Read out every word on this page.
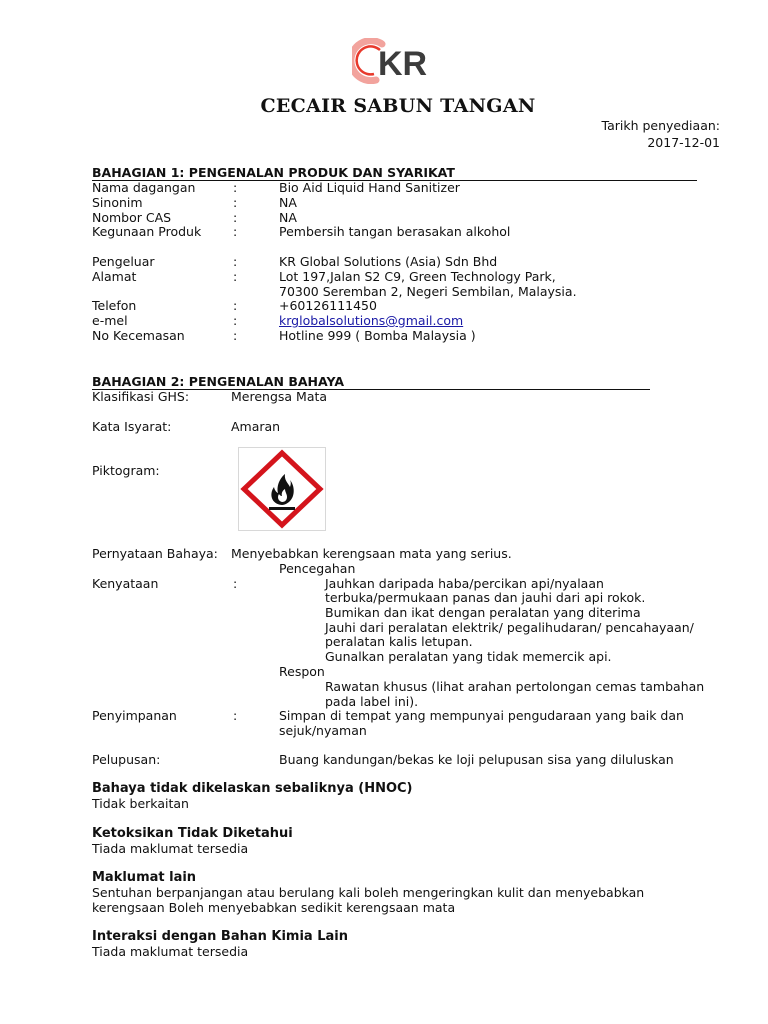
KR
CECAIR SABUN TANGAN
Tarikh penyediaan:
2017-12-01
BAHAGIAN 1: PENGENALAN PRODUK DAN SYARIKAT
Nama dagangan	:	Bio Aid Liquid Hand Sanitizer
Sinonim	:	NA
Nombor CAS	:	NA
Kegunaan Produk	:	Pembersih tangan berasakan alkohol
Pengeluar	:	KR Global Solutions (Asia) Sdn Bhd
Alamat	:	Lot 197,Jalan S2 C9, Green Technology Park,
70300 Seremban 2, Negeri Sembilan, Malaysia.
Telefon	:	+60126111450
e-mel	:	krglobalsolutions@gmail.com
No Kecemasan	:	Hotline 999 ( Bomba Malaysia )
BAHAGIAN 2: PENGENALAN BAHAYA
Klasifikasi GHS:	Merengsa Mata
Kata Isyarat:	Amaran
Piktogram:
Pernyataan Bahaya: Menyebabkan kerengsaan mata yang serius.
Pencegahan
Kenyataan	:	Jauhkan daripada haba/percikan api/nyalaan
terbuka/permukaan panas dan jauhi dari api rokok.
Bumikan dan ikat dengan peralatan yang diterima
Jauhi dari peralatan elektrik/ pegalihudaran/ pencahayaan/
peralatan kalis letupan.
Gunalkan peralatan yang tidak memercik api.
Respon
Rawatan khusus (lihat arahan pertolongan cemas tambahan
pada label ini).
Penyimpanan	:	Simpan di tempat yang mempunyai pengudaraan yang baik dan
sejuk/nyaman
Pelupusan:	Buang kandungan/bekas ke loji pelupusan sisa yang diluluskan
Bahaya tidak dikelaskan sebaliknya (HNOC)
Tidak berkaitan
Ketoksikan Tidak Diketahui
Tiada maklumat tersedia
Maklumat lain
Sentuhan berpanjangan atau berulang kali boleh mengeringkan kulit dan menyebabkan
kerengsaan Boleh menyebabkan sedikit kerengsaan mata
Interaksi dengan Bahan Kimia Lain
Tiada maklumat tersedia
